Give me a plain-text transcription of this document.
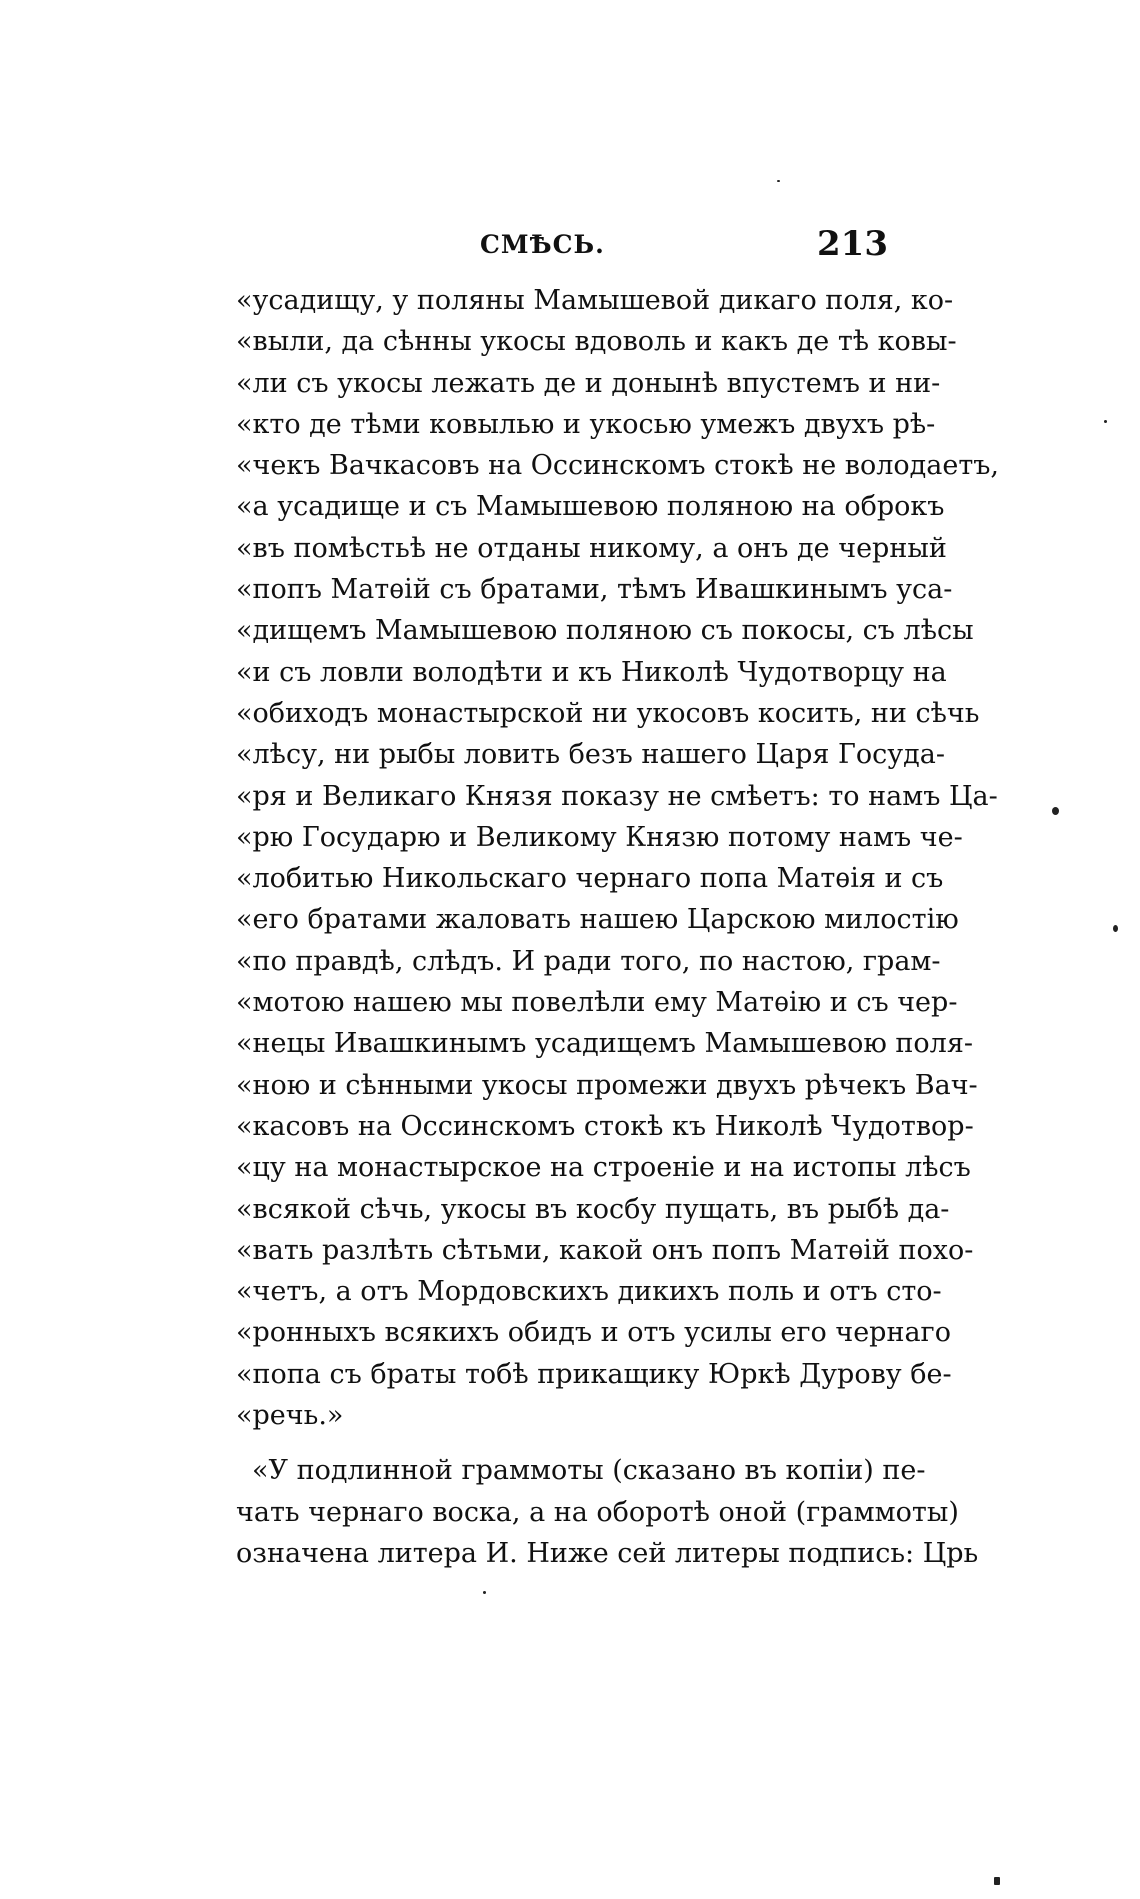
СМѢСЬ.	213
«усадищу, у поляны Мамышевой дикаго поля, ко-
«выли, да сѣнны укосы вдоволь и какъ де тѣ ковы-
«ли съ укосы лежать де и донынѣ впустемъ и ни-
«кто де тѣми ковылью и укосью умежъ двухъ рѣ-
«чекъ Вачкасовъ на Оссинскомъ стокѣ не володаетъ,
«а усадище и съ Мамышевою поляною на оброкъ
«въ помѣстьѣ не отданы никому, а онъ де черный
«попъ Матѳій съ братами, тѣмъ Ивашкинымъ уса-
«дищемъ Мамышевою поляною съ покосы, съ лѣсы
«и съ ловли володѣти и къ Николѣ Чудотворцу на
«обиходъ монастырской ни укосовъ косить, ни сѣчь
«лѣсу, ни рыбы ловить безъ нашего Царя Госуда-
«ря и Великаго Князя показу не смѣетъ: то намъ Ца-
«рю Государю и Великому Князю потому намъ че-
«лобитью Никольскаго чернаго попа Матѳія и съ
«его братами жаловать нашею Царскою милостію
«по правдѣ, слѣдъ. И ради того, по настою, грам-
«мотою нашею мы повелѣли ему Матѳію и съ чер-
«нецы Ивашкинымъ усадищемъ Мамышевою поля-
«ною и сѣнными укосы промежи двухъ рѣчекъ Вач-
«касовъ на Оссинскомъ стокѣ къ Николѣ Чудотвор-
«цу на монастырское на строеніе и на истопы лѣсъ
«всякой сѣчь, укосы въ косбу пущать, въ рыбѣ да-
«вать разлѣть сѣтьми, какой онъ попъ Матѳій похо-
«четъ, а отъ Мордовскихъ дикихъ поль и отъ сто-
«ронныхъ всякихъ обидъ и отъ усилы его чернаго
«попа съ браты тобѣ прикащику Юркѣ Дурову бе-
«речь.»
«У подлинной граммоты (сказано въ копіи) пе-
чать чернаго воска, а на оборотѣ оной (граммоты)
означена литера И. Ниже сей литеры подпись: Црь
